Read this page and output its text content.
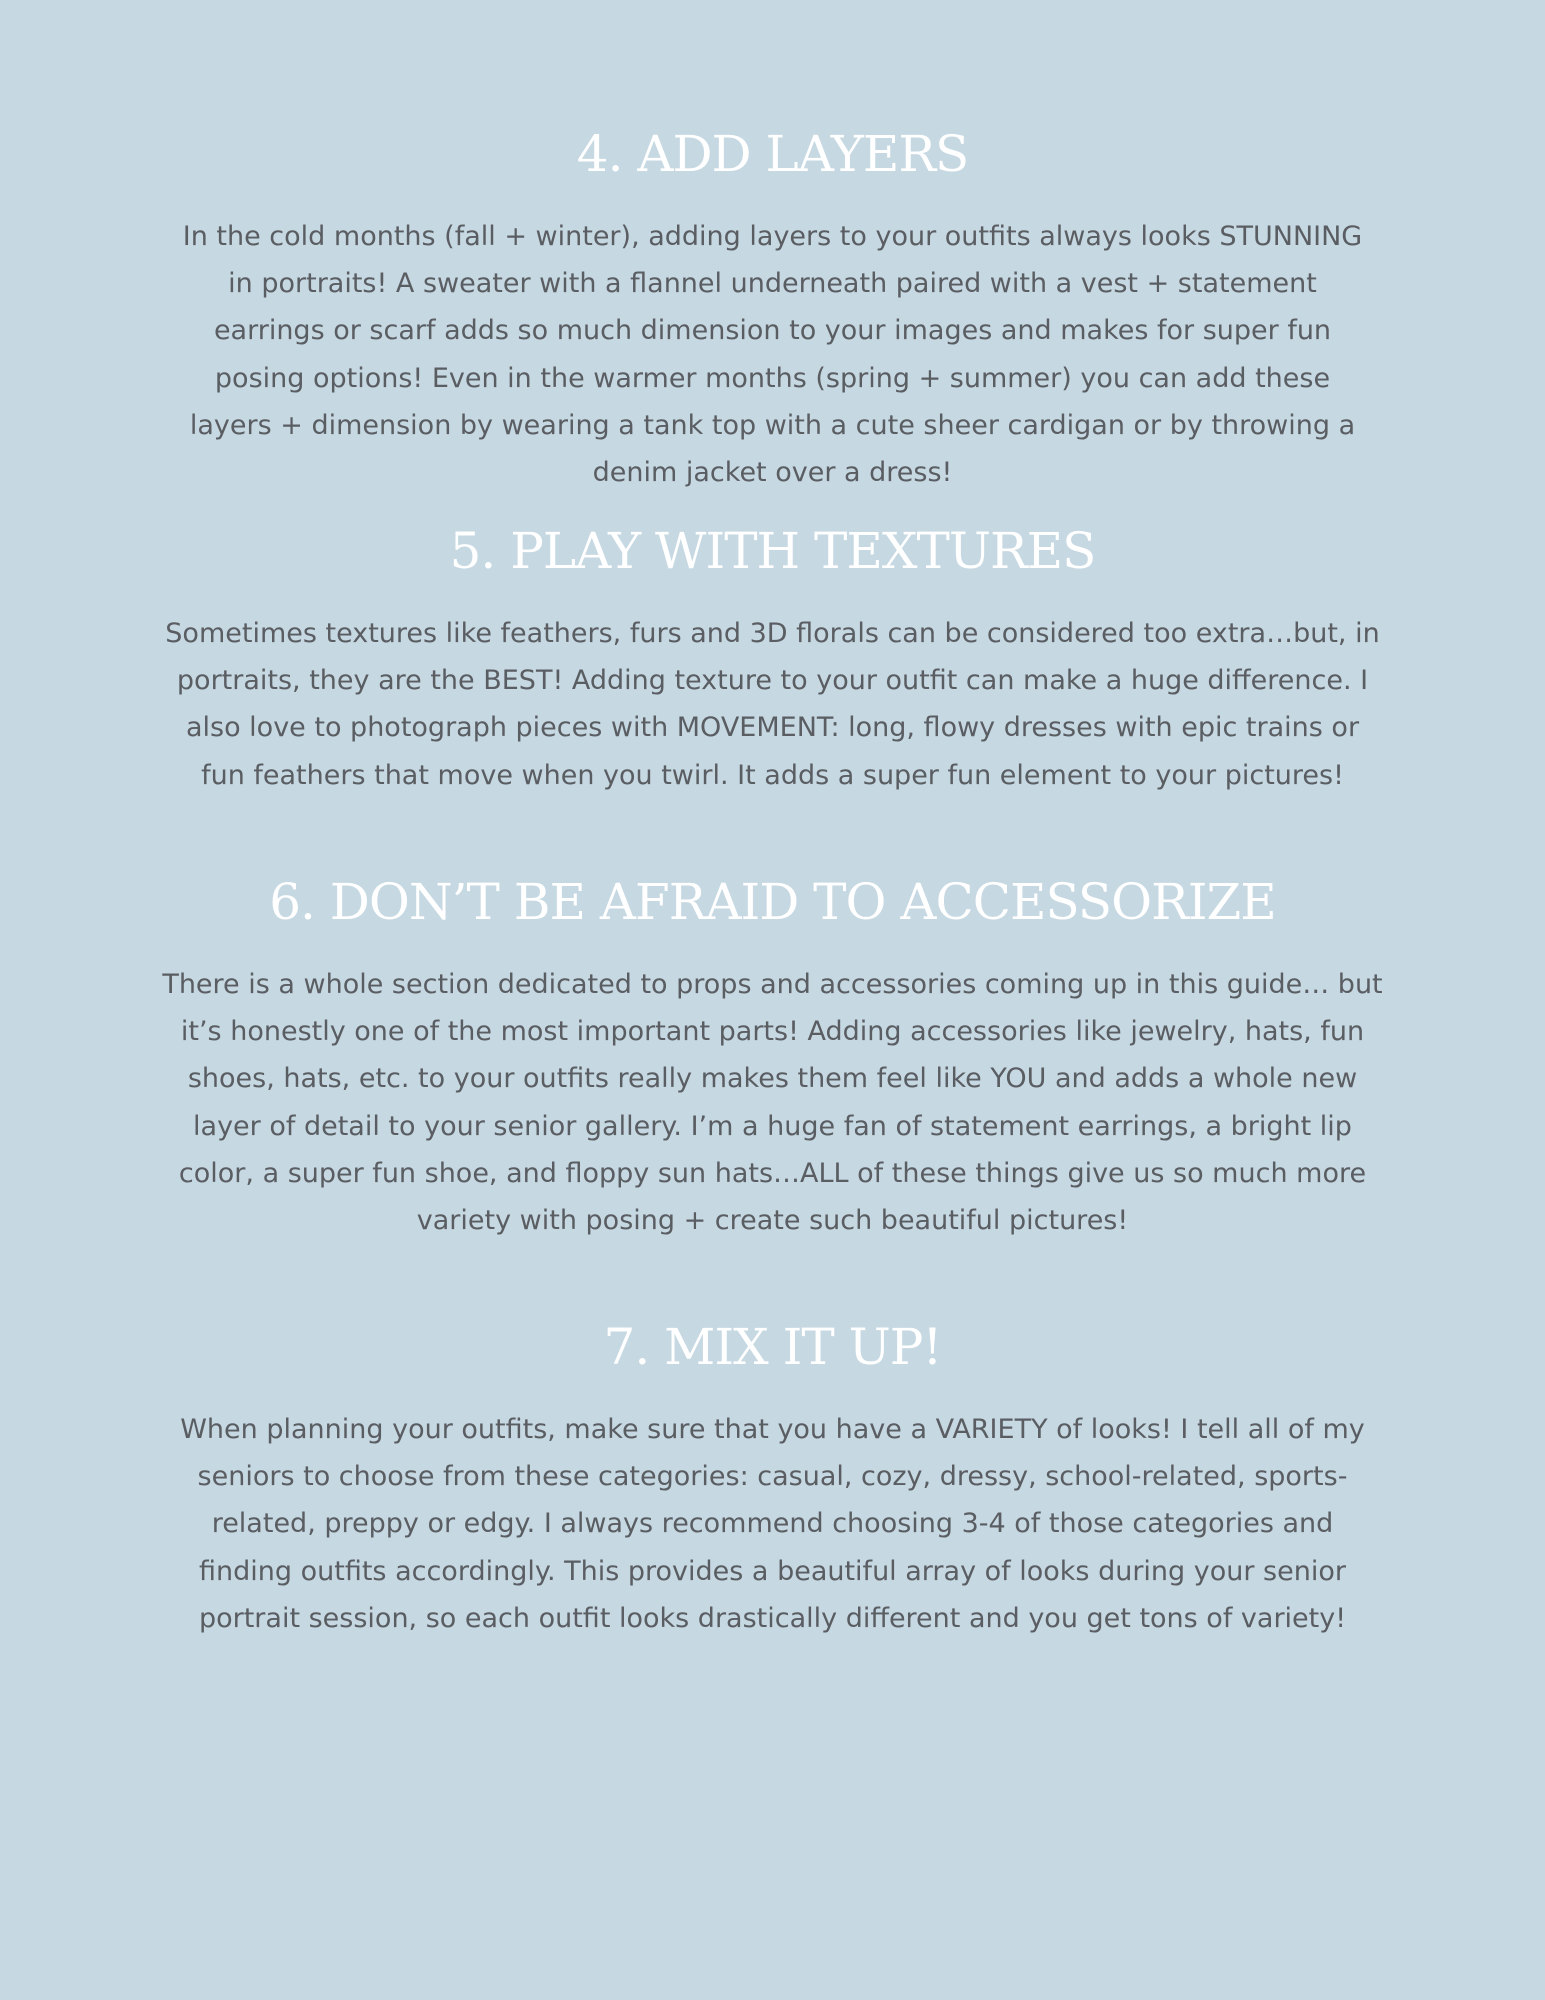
4. ADD LAYERS

In the cold months (fall + winter), adding layers to your outfits always looks STUNNING in portraits! A sweater with a flannel underneath paired with a vest + statement earrings or scarf adds so much dimension to your images and makes for super fun posing options! Even in the warmer months (spring + summer) you can add these layers + dimension by wearing a tank top with a cute sheer cardigan or by throwing a denim jacket over a dress!

5. PLAY WITH TEXTURES

Sometimes textures like feathers, furs and 3D florals can be considered too extra…but, in portraits, they are the BEST! Adding texture to your outfit can make a huge difference. I also love to photograph pieces with MOVEMENT: long, flowy dresses with epic trains or fun feathers that move when you twirl. It adds a super fun element to your pictures!

6. DON’T BE AFRAID TO ACCESSORIZE

There is a whole section dedicated to props and accessories coming up in this guide… but it’s honestly one of the most important parts! Adding accessories like jewelry, hats, fun shoes, hats, etc. to your outfits really makes them feel like YOU and adds a whole new layer of detail to your senior gallery. I’m a huge fan of statement earrings, a bright lip color, a super fun shoe, and floppy sun hats…ALL of these things give us so much more variety with posing + create such beautiful pictures!

7. MIX IT UP!

When planning your outfits, make sure that you have a VARIETY of looks! I tell all of my seniors to choose from these categories: casual, cozy, dressy, school-related, sports-related, preppy or edgy. I always recommend choosing 3-4 of those categories and finding outfits accordingly. This provides a beautiful array of looks during your senior portrait session, so each outfit looks drastically different and you get tons of variety!
